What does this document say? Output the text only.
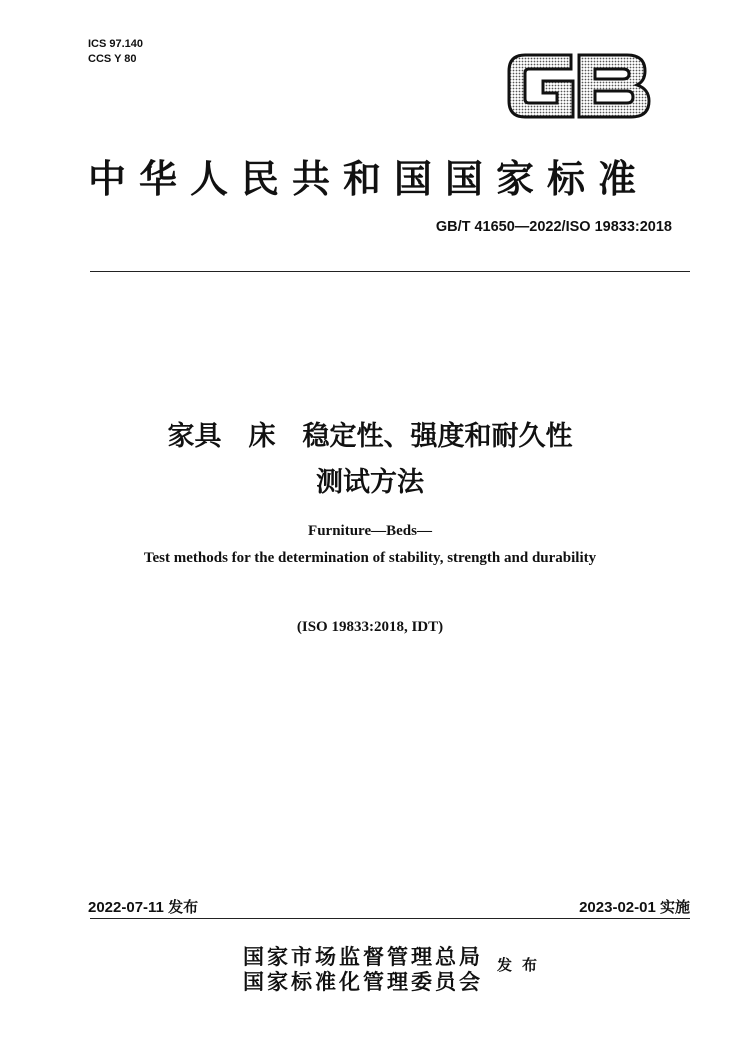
ICS 97.140
CCS Y 80
中华人民共和国国家标准
GB/T 41650—2022/ISO 19833:2018
家具　床　稳定性、强度和耐久性
测试方法
Furniture—Beds—
Test methods for the determination of stability, strength and durability
(ISO 19833:2018, IDT)
2022-07-11 发布	2023-02-01 实施
国家市场监督管理总局
国家标准化管理委员会
发布
